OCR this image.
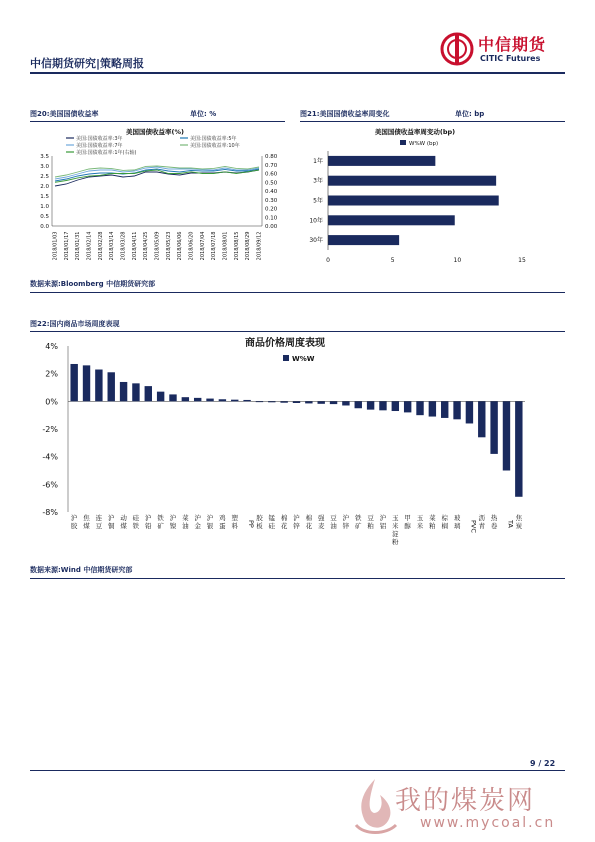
中信期货研究|策略周报
中信期货
CITIC Futures
图20:美国国债收益率	单位: %	图21:美国国债收益率周变化	单位: bp
美国国债收益率(%)
美国:国债收益率:3年	美国:国债收益率:5年
美国:国债收益率:7年	美国:国债收益率:10年
美国:国债收益率:1年(右轴)
0.0
0.5
1.0
1.5
2.0
2.5
3.0
3.5
0.00
0.10
0.20
0.30
0.40
0.50
0.60
0.70
0.80
2018/01/03 2018/01/17 2018/01/31 2018/02/14 2018/02/28 2018/03/14 2018/03/28 2018/04/11 2018/04/25 2018/05/09 2018/05/23 2018/06/06 2018/06/20 2018/07/04 2018/07/18 2018/08/01 2018/08/15 2018/08/29 2018/09/12
美国国债收益率周变动(bp)
W%W (bp)
1年
3年
5年
10年
30年
0	5	10	15
数据来源:Bloomberg 中信期货研究部
图22:国内商品市场周度表现
商品价格周度表现
W%W
4%
2%
0%
-2%
-4%
-6%
-8%
沪胶
焦煤
连豆
沪铜
动煤
硅铁
沪铅
铁矿
沪镍
菜油
沪金
沪银
鸡蛋
塑料 PP
胶板
锰硅
棉花
沪锌
棉花
强麦
豆油
沪锌
铁矿
豆粕
沪铝
玉米淀粉
甲醇
玉米
菜粕
棕榈
玻璃 PVC
沥青
热卷 TA
焦炭
数据来源:Wind 中信期货研究部
9 / 22
我的煤炭网
www.mycoal.cn
